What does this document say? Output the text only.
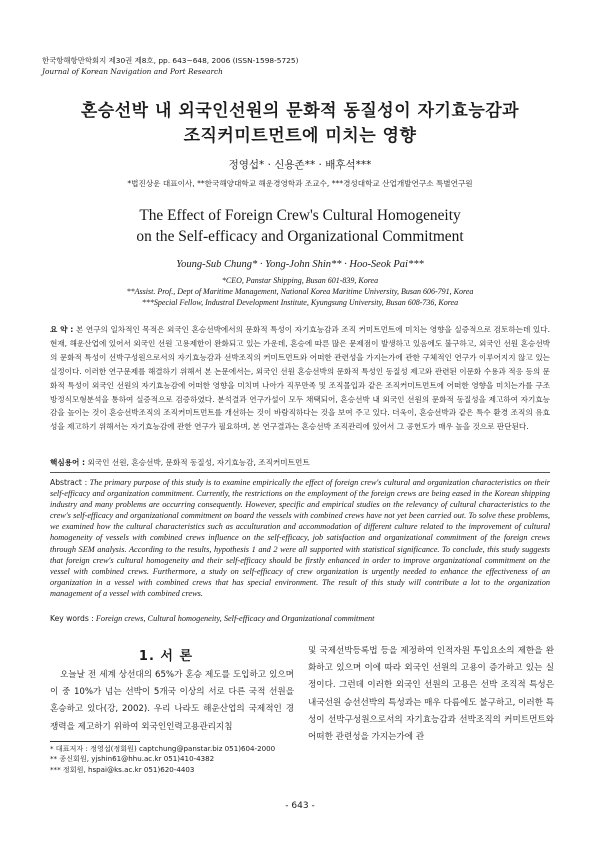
한국항해항만학회지 제30권 제8호, pp. 643~648, 2006 (ISSN-1598-5725)
Journal of Korean Navigation and Port Research
혼승선박 내 외국인선원의 문화적 동질성이 자기효능감과
조직커미트먼트에 미치는 영향
정영섭* · 신용존** · 배후석***
*법진상운 대표이사, **한국해양대학교 해운경영학과 조교수, ***경성대학교 산업개발연구소 특별연구원
The Effect of Foreign Crew's Cultural Homogeneity
on the Self-efficacy and Organizational Commitment
Young-Sub Chung* · Yong-John Shin** · Hoo-Seok Pai***
*CEO, Panstar Shipping, Busan 601-839, Korea
**Assist. Prof., Dept of Maritime Management, National Korea Maritime University, Busan 606-791, Korea
***Special Fellow, Industral Development Institute, Kyungsung University, Busan 608-736, Korea
요 약 : 본 연구의 일차적인 목적은 외국인 혼승선박에서의 문화적 특성이 자기효능감과 조직 커미트먼트에 미치는 영향을 실증적으로 검토하는데 있다. 현재, 해운산업에 있어서 외국인 선원 고용제한이 완화되고 있는 가운데, 혼승에 따른 많은 문제점이 발생하고 있음에도 불구하고, 외국인 선원 혼승선박의 문화적 특성이 선박구성원으로서의 자기효능감과 선박조직의 커미트먼트와 어떠한 관련성을 가지는가에 관한 구체적인 연구가 이루어지지 않고 있는 실정이다. 이러한 연구문제를 해결하기 위해서 본 논문에서는, 외국인 선원 혼승선박의 문화적 특성인 동질성 제고와 관련된 이문화 수용과 적응 등의 문화적 특성이 외국인 선원의 자기효능감에 어떠한 영향을 미치며 나아가 직무만족 및 조직몰입과 같은 조직커미트먼트에 어떠한 영향을 미치는가를 구조방정식모형분석을 통하여 실증적으로 검증하였다. 분석결과 연구가설이 모두 채택되어, 혼승선박 내 외국인 선원의 문화적 동질성을 제고하여 자기효능감을 높이는 것이 혼승선박조직의 조직커미트먼트를 개선하는 것이 바람직하다는 것을 보여 주고 있다. 더욱이, 혼승선박과 같은 특수 환경 조직의 유효성을 제고하기 위해서는 자기효능감에 관한 연구가 필요하며, 본 연구결과는 혼승선박 조직관리에 있어서 그 공헌도가 매우 높을 것으로 판단된다.
핵심용어 : 외국인 선원, 혼승선박, 문화적 동질성, 자기효능감, 조직커미트먼트
Abstract : The primary purpose of this study is to examine empirically the effect of foreign crew's cultural and organization characteristics on their self-efficacy and organization commitment. Currently, the restrictions on the employment of the foreign crews are being eased in the Korean shipping industry and many problems are occurring consequently. However, specific and empirical studies on the relevancy of cultural characteristics to the crew's self-efficacy and organizational commitment on board the vessels with combined crews have not yet been carried out. To solve these problems, we examined how the cultural characteristics such as acculturation and accommodation of different culture related to the improvement of cultural homogeneity of vessels with combined crews influence on the self-efficacy, job satisfaction and organizational commitment of the foreign crews through SEM analysis. According to the results, hypothesis 1 and 2 were all supported with statistical significance. To conclude, this study suggests that foreign crew's cultural homogeneity and their self-efficacy should be firstly enhanced in order to improve organizational commitment on the vessel with combined crews. Furthermore, a study on self-efficacy of crew organization is urgently needed to enhance the effectiveness of an organization in a vessel with combined crews that has special environment. The result of this study will contribute a lot to the organization management of a vessel with combined crews.
Key words : Foreign crews, Cultural homogeneity, Self-efficacy and Organizational commitment
1. 서 론
오늘날 전 세계 상선대의 65%가 혼승 제도를 도입하고 있으며 이 중 10%가 넘는 선박이 5개국 이상의 서로 다른 국적 선원을 혼승하고 있다(강, 2002). 우리 나라도 해운산업의 국제적인 경쟁력을 제고하기 위하여 외국인인력고용관리지침
및 국제선박등록법 등을 제정하여 인적자원 투입요소의 제한을 완화하고 있으며 이에 따라 외국인 선원의 고용이 증가하고 있는 실정이다. 그런데 이러한 외국인 선원의 고용은 선박 조직적 특성은 내국선원 승선선박의 특성과는 매우 다름에도 불구하고, 이러한 특성이 선박구성원으로서의 자기효능감과 선박조직의 커미트먼트와 어떠한 관련성을 가지는가에 관
* 대표저자 : 정영섭(정회원) captchung@panstar.biz 051)604-2000
** 종신회원, yjshin61@hhu.ac.kr 051)410-4382
*** 정회원, hspai@ks.ac.kr 051)620-4403
- 643 -
